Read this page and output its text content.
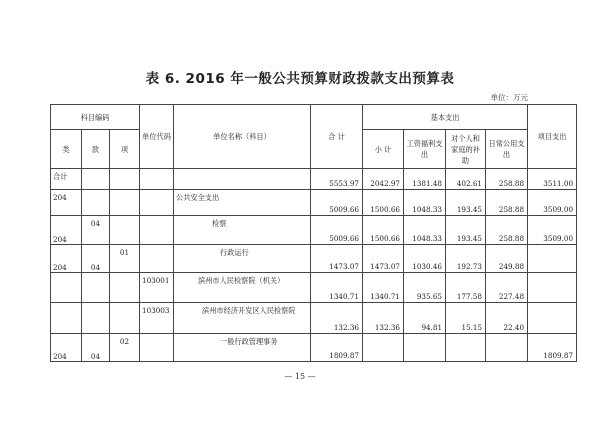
表 6. 2016 年一般公共预算财政拨款支出预算表
单位：万元
科目编码			单位代码	单位名称（科目）	合 计	基本支出				项目支出
类	款	项				小 计	工资福利支出	对个人和家庭的补助	日常公用支出	
合计					5553.97	2042.97	1381.48	402.61	258.88	3511.00
204				公共安全支出	5009.66	1500.66	1048.33	193.45	258.88	3509.00
204	04			检察	5009.66	1500.66	1048.33	193.45	258.88	3509.00
204	04	01		行政运行	1473.07	1473.07	1030.46	192.73	249.88	
			103001	滨州市人民检察院（机关）	1340.71	1340.71	935.65	177.58	227.48	
			103003	滨州市经济开发区人民检察院	132.36	132.36	94.81	15.15	22.40	
204	04	02		一般行政管理事务	1809.87					1809.87
— 15 —
